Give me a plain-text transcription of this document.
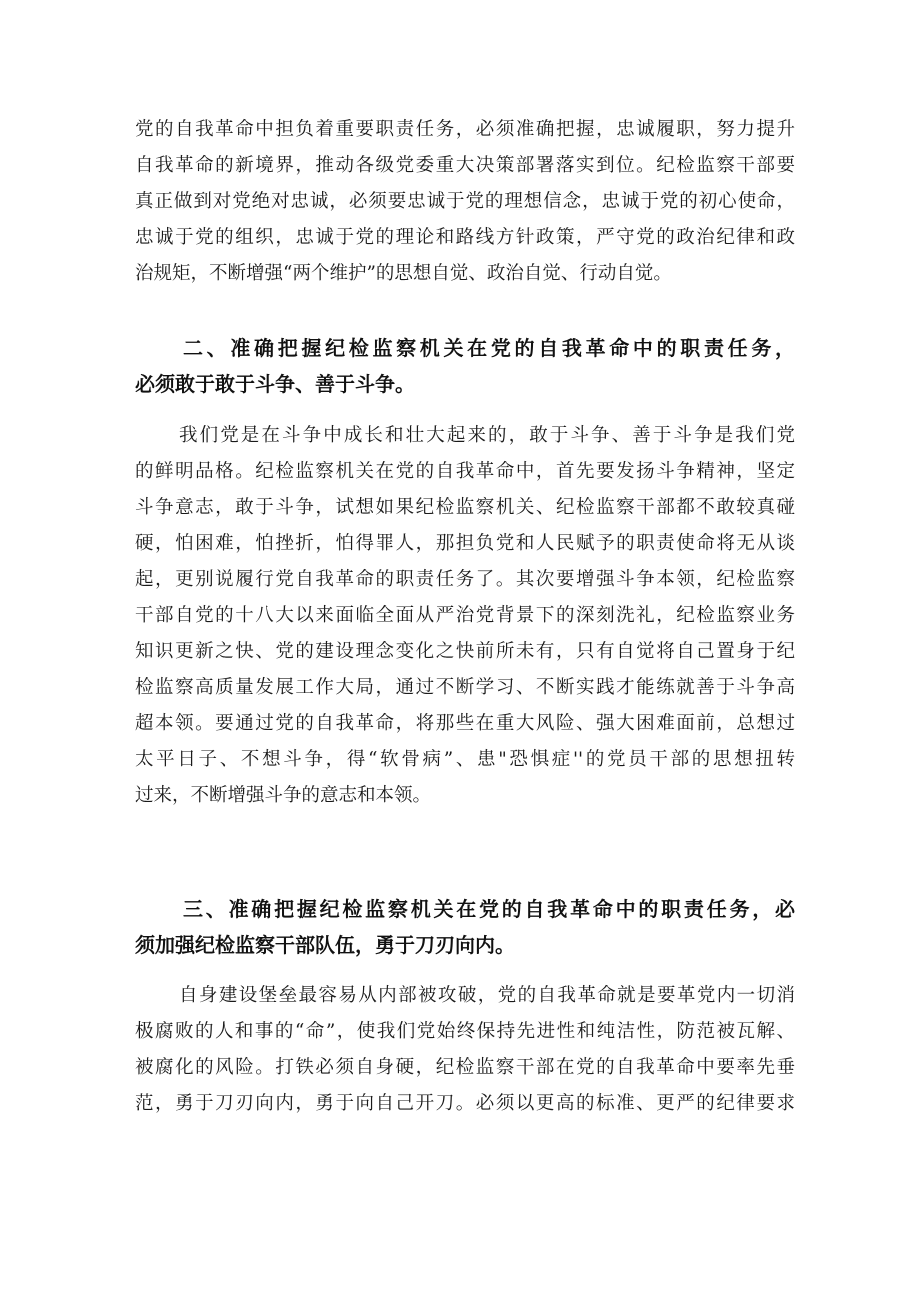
党的自我革命中担负着重要职责任务，必须准确把握，忠诚履职，努力提升
自我革命的新境界，推动各级党委重大决策部署落实到位。纪检监察干部要
真正做到对党绝对忠诚，必须要忠诚于党的理想信念，忠诚于党的初心使命，
忠诚于党的组织，忠诚于党的理论和路线方针政策，严守党的政治纪律和政
治规矩，不断增强“两个维护”的思想自觉、政治自觉、行动自觉。
二、准确把握纪检监察机关在党的自我革命中的职责任务，
必须敢于敢于斗争、善于斗争。
我们党是在斗争中成长和壮大起来的，敢于斗争、善于斗争是我们党
的鲜明品格。纪检监察机关在党的自我革命中，首先要发扬斗争精神，坚定
斗争意志，敢于斗争，试想如果纪检监察机关、纪检监察干部都不敢较真碰
硬，怕困难，怕挫折，怕得罪人，那担负党和人民赋予的职责使命将无从谈
起，更别说履行党自我革命的职责任务了。其次要增强斗争本领，纪检监察
干部自党的十八大以来面临全面从严治党背景下的深刻洗礼，纪检监察业务
知识更新之快、党的建设理念变化之快前所未有，只有自觉将自己置身于纪
检监察高质量发展工作大局，通过不断学习、不断实践才能练就善于斗争高
超本领。要通过党的自我革命，将那些在重大风险、强大困难面前，总想过
太平日子、不想斗争，得“软骨病”、患"恐惧症''的党员干部的思想扭转
过来，不断增强斗争的意志和本领。
三、准确把握纪检监察机关在党的自我革命中的职责任务，必
须加强纪检监察干部队伍，勇于刀刃向内。
自身建设堡垒最容易从内部被攻破，党的自我革命就是要革党内一切消
极腐败的人和事的“命”，使我们党始终保持先进性和纯洁性，防范被瓦解、
被腐化的风险。打铁必须自身硬，纪检监察干部在党的自我革命中要率先垂
范，勇于刀刃向内，勇于向自己开刀。必须以更高的标准、更严的纪律要求
